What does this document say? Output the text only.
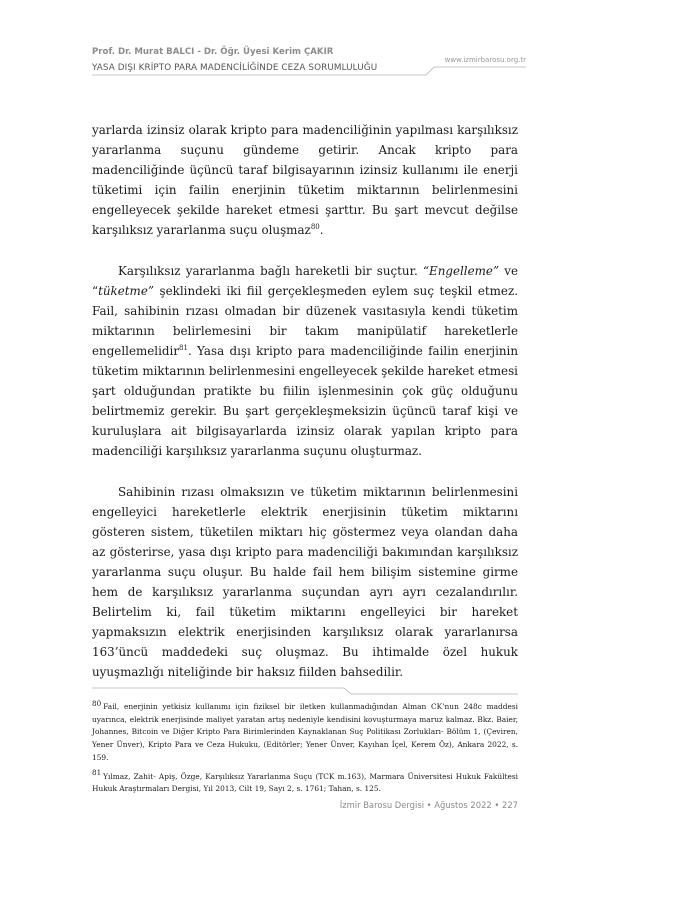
Prof. Dr. Murat BALCI - Dr. Öğr. Üyesi Kerim ÇAKIR
YASA DIŞI KRİPTO PARA MADENCİLİĞİNDE CEZA SORUMLULUĞU
www.izmirbarosu.org.tr

yarlarda izinsiz olarak kripto para madenciliğinin yapılması karşılıksız yararlanma suçunu gündeme getirir. Ancak kripto para madenciliğinde üçüncü taraf bilgisayarının izinsiz kullanımı ile enerji tüketimi için failin enerjinin tüketim miktarının belirlenmesini engelleyecek şekilde hareket etmesi şarttır. Bu şart mevcut değilse karşılıksız yararlanma suçu oluşmaz$^{80}$.

Karşılıksız yararlanma bağlı hareketli bir suçtur. “Engelleme” ve “tüketme” şeklindeki iki fiil gerçekleşmeden eylem suç teşkil etmez. Fail, sahibinin rızası olmadan bir düzenek vasıtasıyla kendi tüketim miktarının belirlemesini bir takım manipülatif hareketlerle engellemelidir$^{81}$. Yasa dışı kripto para madenciliğinde failin enerjinin tüketim miktarının belirlenmesini engelleyecek şekilde hareket etmesi şart olduğundan pratikte bu fiilin işlenmesinin çok güç olduğunu belirtmemiz gerekir. Bu şart gerçekleşmeksizin üçüncü taraf kişi ve kuruluşlara ait bilgisayarlarda izinsiz olarak yapılan kripto para madenciliği karşılıksız yararlanma suçunu oluşturmaz.

Sahibinin rızası olmaksızın ve tüketim miktarının belirlenmesini engelleyici hareketlerle elektrik enerjisinin tüketim miktarını gösteren sistem, tüketilen miktarı hiç göstermez veya olandan daha az gösterirse, yasa dışı kripto para madenciliği bakımından karşılıksız yararlanma suçu oluşur. Bu halde fail hem bilişim sistemine girme hem de karşılıksız yararlanma suçundan ayrı ayrı cezalandırılır. Belirtelim ki, fail tüketim miktarını engelleyici bir hareket yapmaksızın elektrik enerjisinden karşılıksız olarak yararlanırsa 163’üncü maddedeki suç oluşmaz. Bu ihtimalde özel hukuk uyuşmazlığı niteliğinde bir haksız fiilden bahsedilir.

80 Fail, enerjinin yetkisiz kullanımı için fiziksel bir iletken kullanmadığından Alman CK’nun 248c maddesi uyarınca, elektrik enerjisinde maliyet yaratan artış nedeniyle kendisini kovuşturmaya maruz kalmaz. Bkz. Baier, Johannes, Bitcoin ve Diğer Kripto Para Birimlerinden Kaynaklanan Suç Politikası Zorlukları- Bölüm 1, (Çeviren, Yener Ünver), Kripto Para ve Ceza Hukuku, (Editörler; Yener Ünver, Kayıhan İçel, Kerem Öz), Ankara 2022, s. 159.
81 Yılmaz, Zahit- Apiş, Özge, Karşılıksız Yararlanma Suçu (TCK m.163), Marmara Üniversitesi Hukuk Fakültesi Hukuk Araştırmaları Dergisi, Yıl 2013, Cilt 19, Sayı 2, s. 1761; Tahan, s. 125.
İzmir Barosu Dergisi • Ağustos 2022 • 227
